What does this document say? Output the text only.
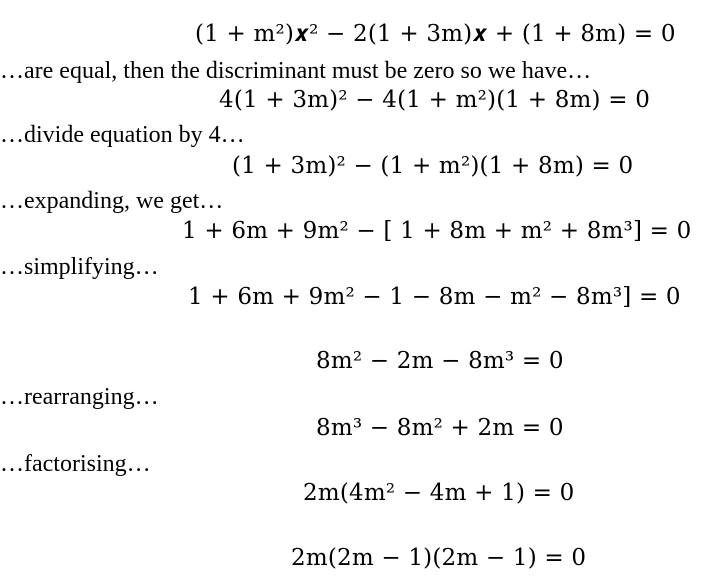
(1 + m²)𝒙² − 2(1 + 3m)𝒙 + (1 + 8m) = 0
…are equal, then the discriminant must be zero so we have…
4(1 + 3m)² − 4(1 + m²)(1 + 8m) = 0
…divide equation by 4…
(1 + 3m)² − (1 + m²)(1 + 8m) = 0
…expanding, we get…
1 + 6m + 9m² − [ 1 + 8m + m² + 8m³] = 0
…simplifying…
1 + 6m + 9m² − 1 − 8m − m² − 8m³] = 0
8m² − 2m − 8m³ = 0
…rearranging…
8m³ − 8m² + 2m = 0
…factorising…
2m(4m² − 4m + 1) = 0
2m(2m − 1)(2m − 1) = 0
